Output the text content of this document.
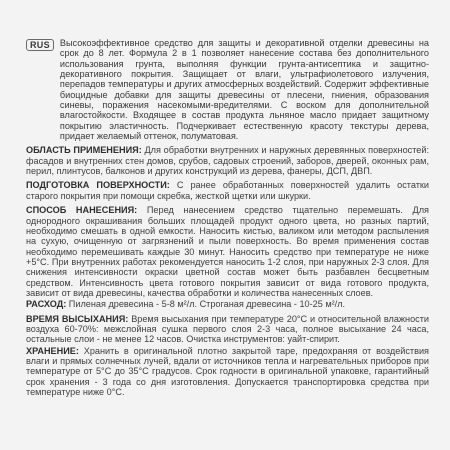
RUS	Высокоэффективное средство для защиты и декоративной отделки древесины на срок до 8 лет. Формула 2 в 1 позволяет нанесение состава без дополнительного использования грунта, выполняя функции грунта-антисептика и защитно-декоративного покрытия. Защищает от влаги, ультрафиолетового излучения, перепадов температуры и других атмосферных воздействий. Содержит эффективные биоцидные добавки для защиты древесины от плесени, гниения, образования синевы, поражения насекомыми-вредителями. С воском для дополнительной влагостойкости. Входящее в состав продукта льняное масло придает защитному покрытию эластичность. Подчеркивает естественную красоту текстуры дерева, придает желаемый оттенок, полуматовая.
ОБЛАСТЬ ПРИМЕНЕНИЯ: Для обработки внутренних и наружных деревянных поверхностей: фасадов и внутренних стен домов, срубов, садовых строений, заборов, дверей, оконных рам, перил, плинтусов, балконов и других конструкций из дерева, фанеры, ДСП, ДВП.
ПОДГОТОВКА ПОВЕРХНОСТИ: С ранее обработанных поверхностей удалить остатки старого покрытия при помощи скребка, жесткой щетки или шкурки.
СПОСОБ НАНЕСЕНИЯ: Перед нанесением средство тщательно перемешать. Для однородного окрашивания больших площадей продукт одного цвета, но разных партий, необходимо смешать в одной емкости. Наносить кистью, валиком или методом распыления на сухую, очищенную от загрязнений и пыли поверхность. Во время применения состав необходимо перемешивать каждые 30 минут. Наносить средство при температуре не ниже +5°С. При внутренних работах рекомендуется наносить 1-2 слоя, при наружных 2-3 слоя. Для снижения интенсивности окраски цветной состав может быть разбавлен бесцветным средством. Интенсивность цвета готового покрытия зависит от вида готового продукта, зависит от вида древесины, качества обработки и количества нанесенных слоев.
РАСХОД: Пиленая древесина - 5-8 м²/л. Строганая древесина - 10-25 м²/л.
ВРЕМЯ ВЫСЫХАНИЯ: Время высыхания при температуре 20°С и относительной влажности воздуха 60-70%: межслойная сушка первого слоя 2-3 часа, полное высыхание 24 часа, остальные слои - не менее 12 часов. Очистка инструментов: уайт-спирит.
ХРАНЕНИЕ: Хранить в оригинальной плотно закрытой таре, предохраняя от воздействия влаги и прямых солнечных лучей, вдали от источников тепла и нагревательных приборов при температуре от 5°С до 35°С градусов. Срок годности в оригинальной упаковке, гарантийный срок хранения - 3 года со дня изготовления. Допускается транспортировка средства при температуре ниже 0°С.
